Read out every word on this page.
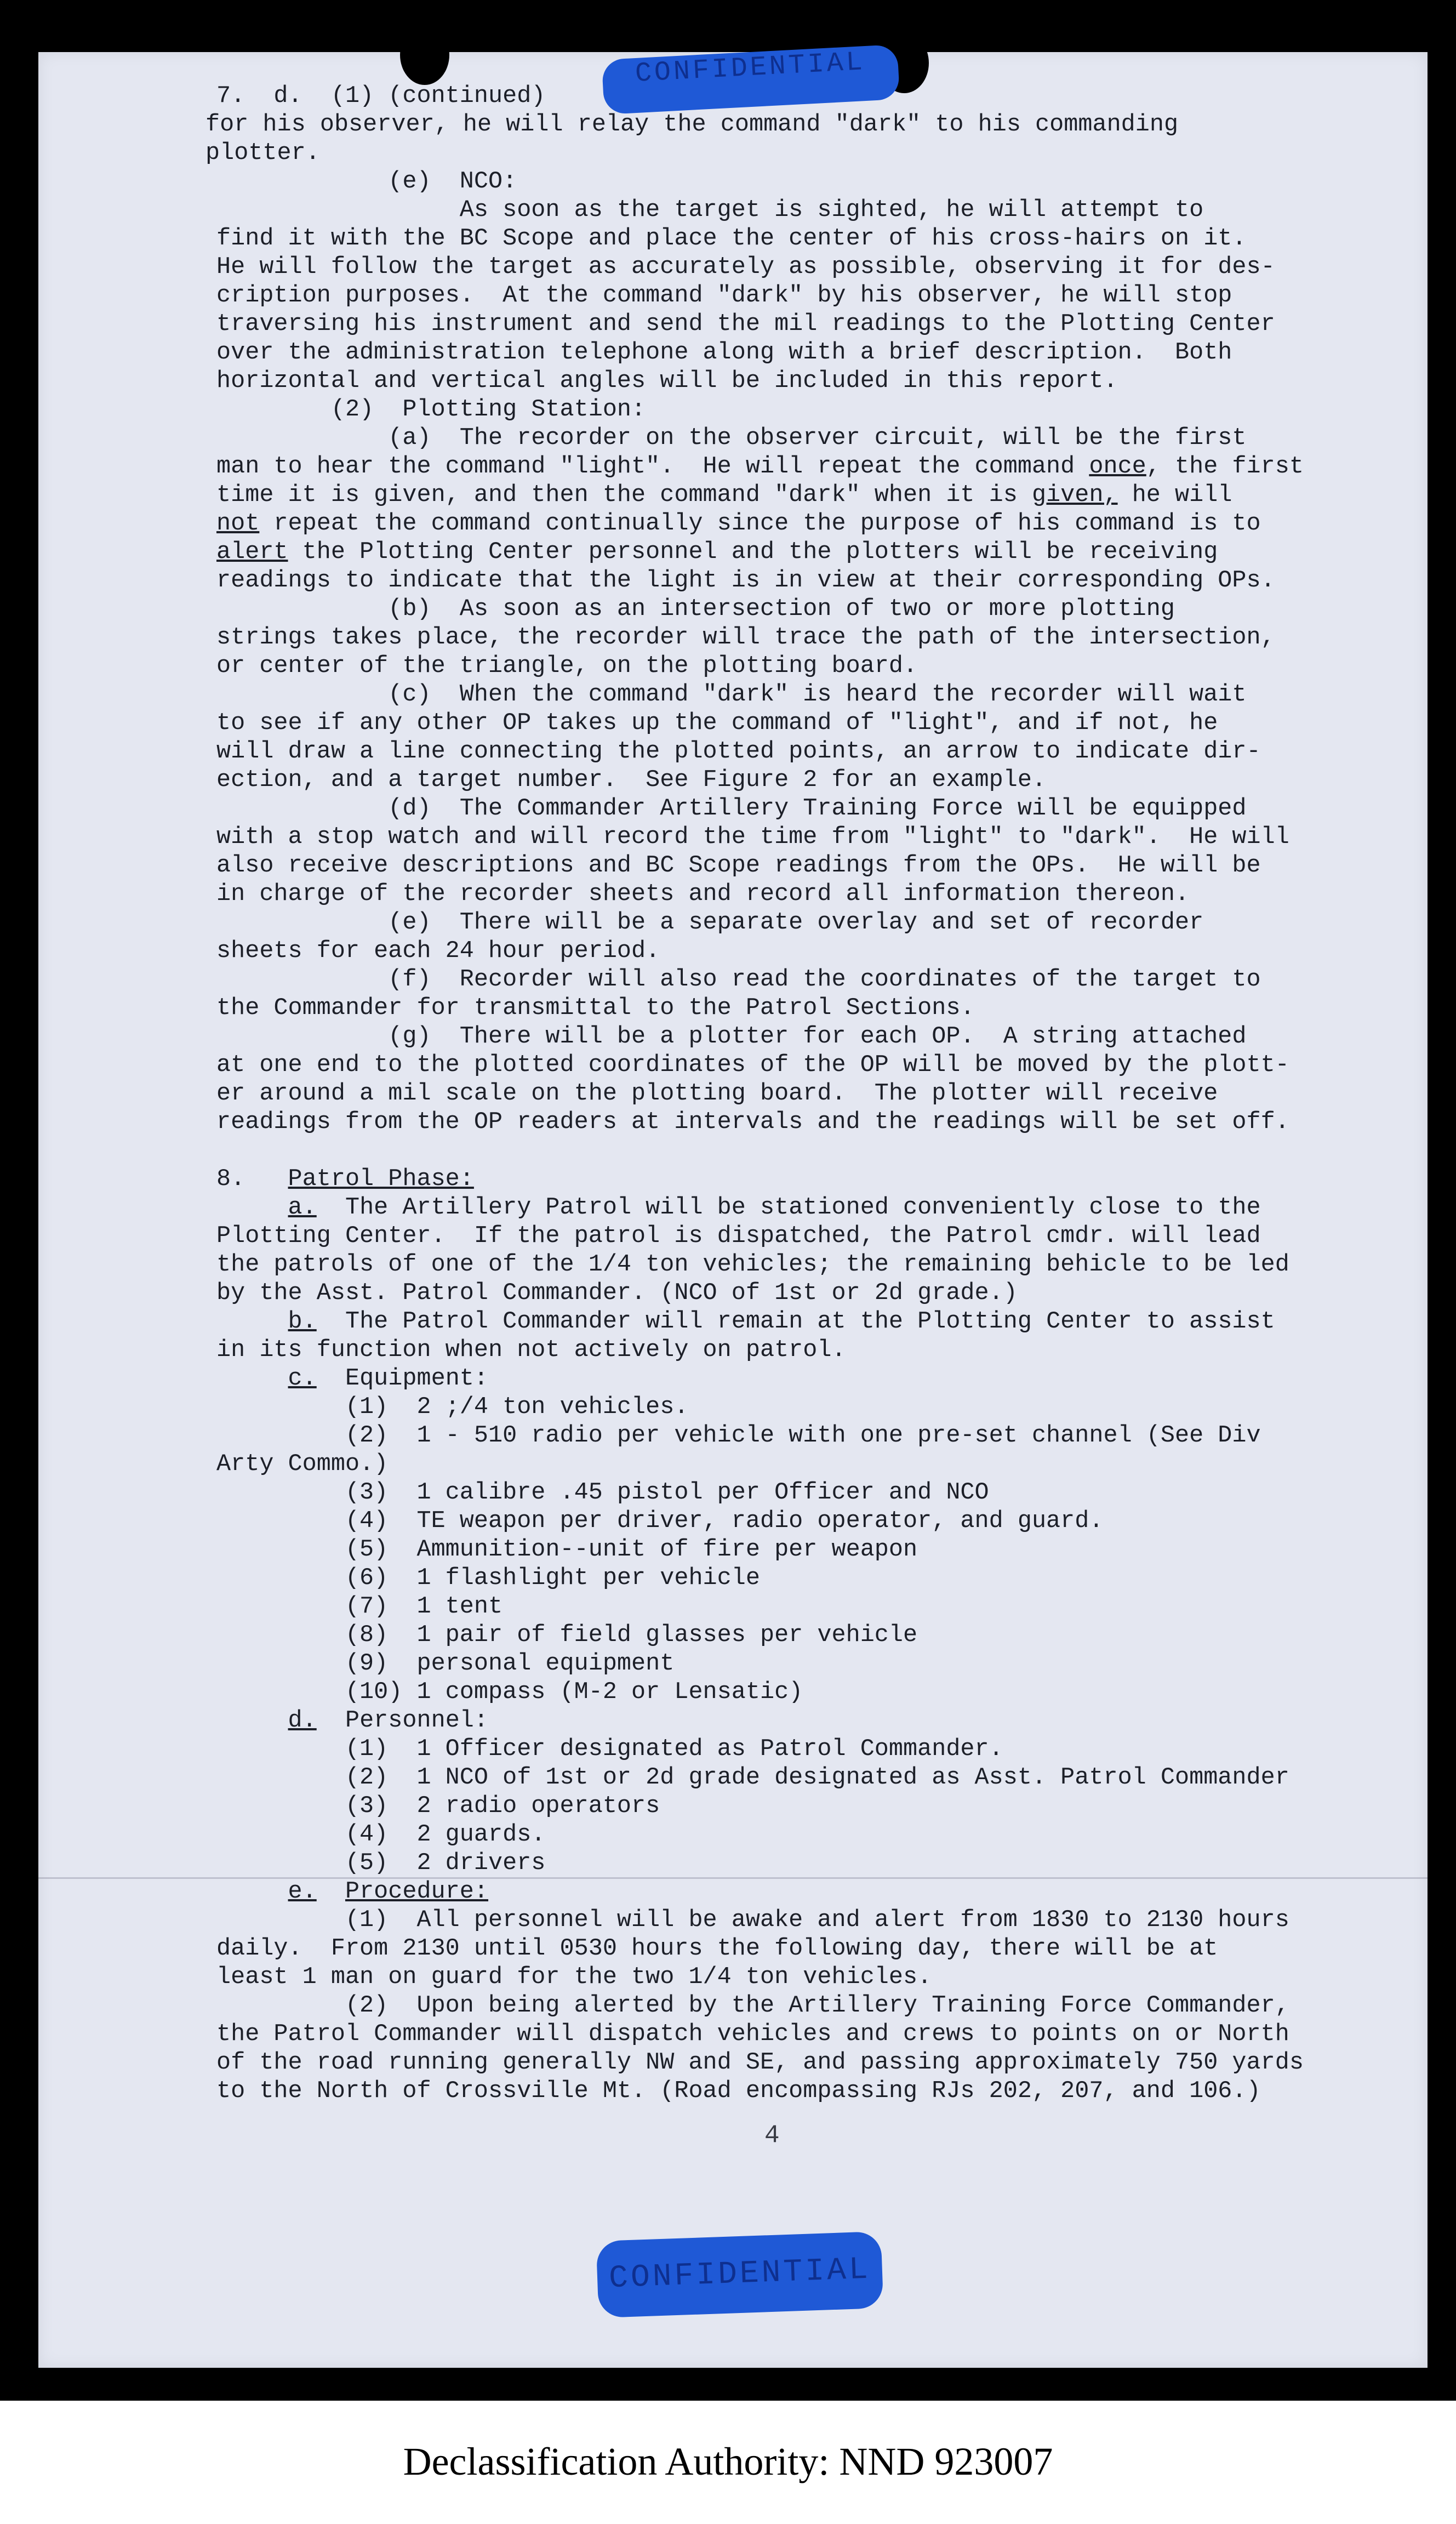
CONFIDENTIAL
7.  d.  (1) (continued)
for his observer, he will relay the command "dark" to his commanding
plotter.
(e)  NCO:
As soon as the target is sighted, he will attempt to
find it with the BC Scope and place the center of his cross-hairs on it.
He will follow the target as accurately as possible, observing it for des-
cription purposes.  At the command "dark" by his observer, he will stop
traversing his instrument and send the mil readings to the Plotting Center
over the administration telephone along with a brief description.  Both
horizontal and vertical angles will be included in this report.
(2)  Plotting Station:
(a)  The recorder on the observer circuit, will be the first
man to hear the command "light".  He will repeat the command once, the first
time it is given, and then the command "dark" when it is given, he will
not repeat the command continually since the purpose of his command is to
alert the Plotting Center personnel and the plotters will be receiving
readings to indicate that the light is in view at their corresponding OPs.
(b)  As soon as an intersection of two or more plotting
strings takes place, the recorder will trace the path of the intersection,
or center of the triangle, on the plotting board.
(c)  When the command "dark" is heard the recorder will wait
to see if any other OP takes up the command of "light", and if not, he
will draw a line connecting the plotted points, an arrow to indicate dir-
ection, and a target number.  See Figure 2 for an example.
(d)  The Commander Artillery Training Force will be equipped
with a stop watch and will record the time from "light" to "dark".  He will
also receive descriptions and BC Scope readings from the OPs.  He will be
in charge of the recorder sheets and record all information thereon.
(e)  There will be a separate overlay and set of recorder
sheets for each 24 hour period.
(f)  Recorder will also read the coordinates of the target to
the Commander for transmittal to the Patrol Sections.
(g)  There will be a plotter for each OP.  A string attached
at one end to the plotted coordinates of the OP will be moved by the plott-
er around a mil scale on the plotting board.  The plotter will receive
readings from the OP readers at intervals and the readings will be set off.
8.   Patrol Phase:
a.  The Artillery Patrol will be stationed conveniently close to the
Plotting Center.  If the patrol is dispatched, the Patrol cmdr. will lead
the patrols of one of the 1/4 ton vehicles; the remaining behicle to be led
by the Asst. Patrol Commander. (NCO of 1st or 2d grade.)
b.  The Patrol Commander will remain at the Plotting Center to assist
in its function when not actively on patrol.
c.  Equipment:
(1)  2 ;/4 ton vehicles.
(2)  1 - 510 radio per vehicle with one pre-set channel (See Div
Arty Commo.)
(3)  1 calibre .45 pistol per Officer and NCO
(4)  TE weapon per driver, radio operator, and guard.
(5)  Ammunition--unit of fire per weapon
(6)  1 flashlight per vehicle
(7)  1 tent
(8)  1 pair of field glasses per vehicle
(9)  personal equipment
(10) 1 compass (M-2 or Lensatic)
d.  Personnel:
(1)  1 Officer designated as Patrol Commander.
(2)  1 NCO of 1st or 2d grade designated as Asst. Patrol Commander
(3)  2 radio operators
(4)  2 guards.
(5)  2 drivers
e. Procedure:
(1)  All personnel will be awake and alert from 1830 to 2130 hours
daily.  From 2130 until 0530 hours the following day, there will be at
least 1 man on guard for the two 1/4 ton vehicles.
(2)  Upon being alerted by the Artillery Training Force Commander,
the Patrol Commander will dispatch vehicles and crews to points on or North
of the road running generally NW and SE, and passing approximately 750 yards
to the North of Crossville Mt. (Road encompassing RJs 202, 207, and 106.)
4
CONFIDENTIAL
Declassification Authority: NND 923007
